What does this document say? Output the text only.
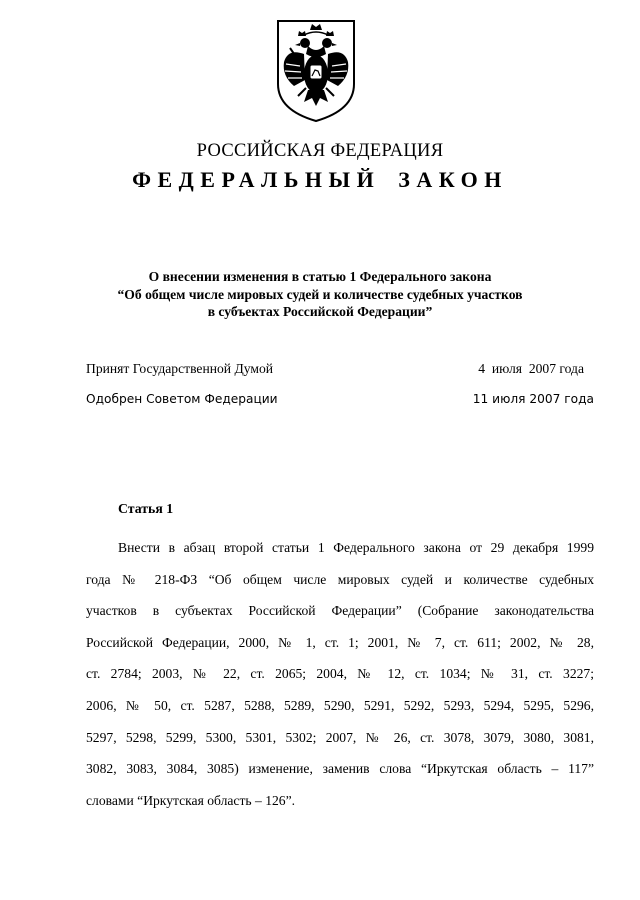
РОССИЙСКАЯ ФЕДЕРАЦИЯ
ФЕДЕРАЛЬНЫЙ ЗАКОН
О внесении изменения в статью 1 Федерального закона
“Об общем числе мировых судей и количестве судебных участков
в субъектах Российской Федерации”
Принят Государственной Думой	4  июля  2007 года
Одобрен Советом Федерации	11 июля 2007 года
Статья 1
Внести в абзац второй статьи 1 Федерального закона от 29 декабря 1999
года № 218-ФЗ “Об общем числе мировых судей и количестве судебных
участков в субъектах Российской Федерации” (Собрание законодательства
Российской Федерации, 2000, № 1, ст. 1; 2001, № 7, ст. 611; 2002, № 28,
ст. 2784; 2003, № 22, ст. 2065; 2004, № 12, ст. 1034; № 31, ст. 3227;
2006, № 50, ст. 5287, 5288, 5289, 5290, 5291, 5292, 5293, 5294, 5295, 5296,
5297, 5298, 5299, 5300, 5301, 5302; 2007, № 26, ст. 3078, 3079, 3080, 3081,
3082, 3083, 3084, 3085) изменение, заменив слова “Иркутская область – 117”
словами “Иркутская область – 126”.
